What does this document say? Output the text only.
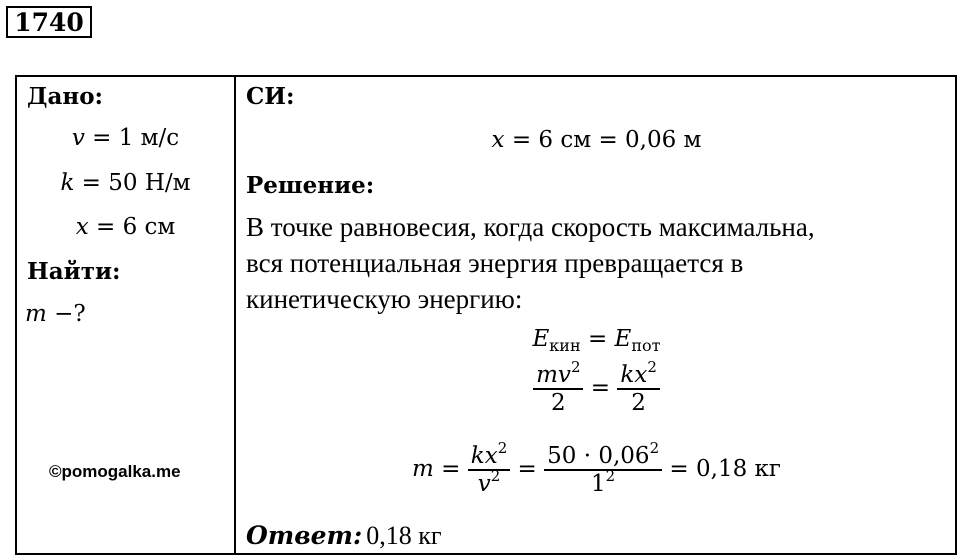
1740
Дано:
v = 1 м/с
k = 50 Н/м
x = 6 см
Найти:
m −?
©pomogalka.me
СИ:
x = 6 см = 0,06 м
Решение:
В точке равновесия, когда скорость максимальна,
вся потенциальная энергия превращается в
кинетическую энергию:
$E_{кин} = E_{пот}$
$\frac{mv^2}{2} = \frac{kx^2}{2}$
$m = \frac{kx^2}{v^2} = \frac{50 \cdot 0,06^2}{1^2} = 0,18$ кг
Ответ: 0,18 кг
